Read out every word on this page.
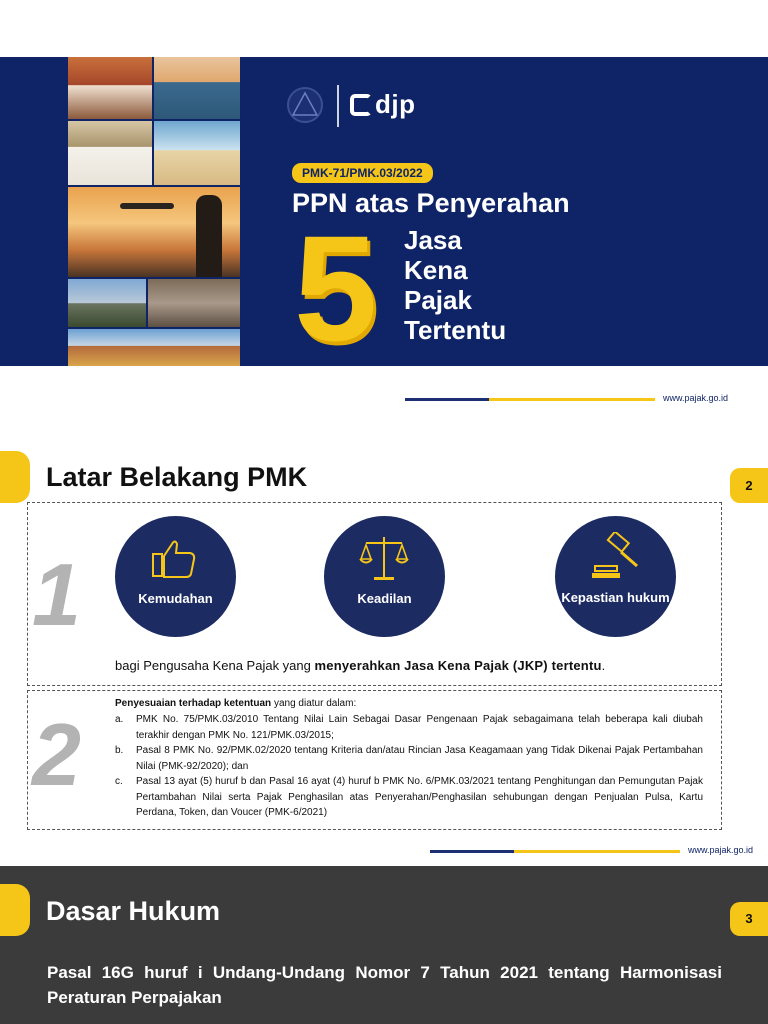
djp
PMK-71/PMK.03/2022
PPN atas Penyerahan
5 Jasa
Kena
Pajak
Tertentu
www.pajak.go.id
2
Latar Belakang PMK
1	Kemudahan	Keadilan	Kepastian hukum
bagi Pengusaha Kena Pajak yang menyerahkan Jasa Kena Pajak (JKP) tertentu.
2
Penyesuaian terhadap ketentuan yang diatur dalam:
a. PMK No. 75/PMK.03/2010 Tentang Nilai Lain Sebagai Dasar Pengenaan Pajak sebagaimana telah beberapa kali diubah terakhir dengan PMK No. 121/PMK.03/2015;
b. Pasal 8 PMK No. 92/PMK.02/2020 tentang Kriteria dan/atau Rincian Jasa Keagamaan yang Tidak Dikenai Pajak Pertambahan Nilai (PMK-92/2020); dan
c. Pasal 13 ayat (5) huruf b dan Pasal 16 ayat (4) huruf b PMK No. 6/PMK.03/2021 tentang Penghitungan dan Pemungutan Pajak Pertambahan Nilai serta Pajak Penghasilan atas Penyerahan/Penghasilan sehubungan dengan Penjualan Pulsa, Kartu Perdana, Token, dan Voucer (PMK-6/2021)
www.pajak.go.id
3
Dasar Hukum
Pasal 16G huruf i Undang-Undang Nomor 7 Tahun 2021 tentang Harmonisasi Peraturan Perpajakan
